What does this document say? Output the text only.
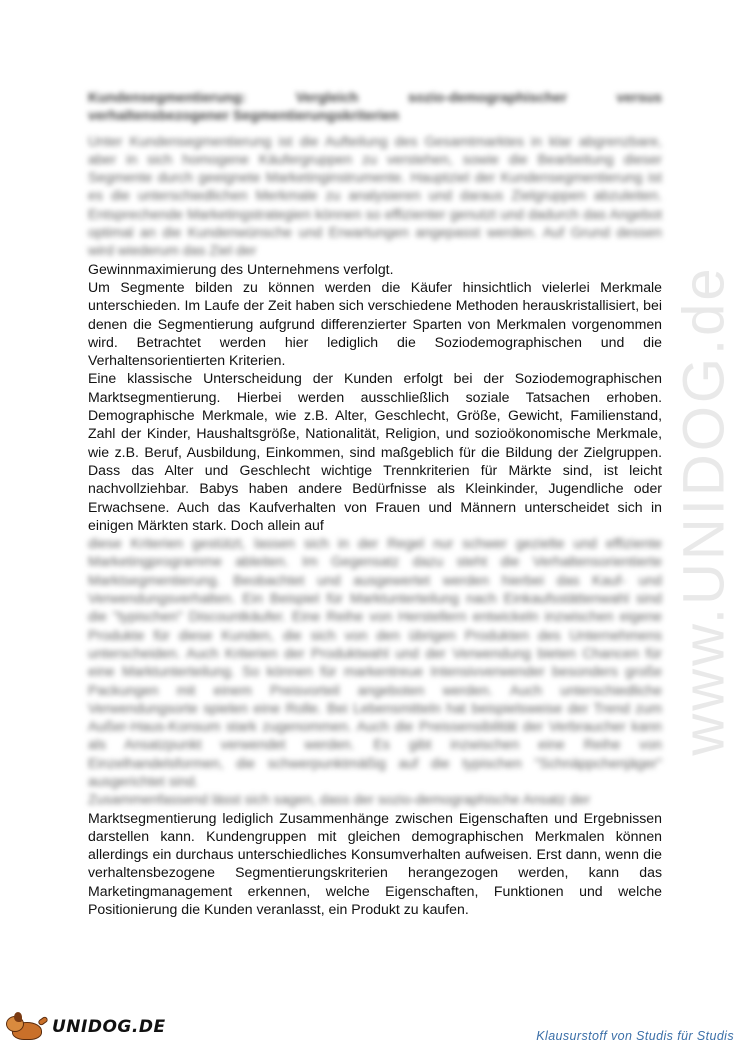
www.UNIDOG.de

Kundensegmentierung: Vergleich sozio-demographischer versus verhaltensbezogener Segmentierungskriterien

Unter Kundensegmentierung ist die Aufteilung des Gesamtmarktes in klar abgrenzbare, aber in sich homogene Käufergruppen zu verstehen, sowie die Bearbeitung dieser Segmente durch geeignete Marketinginstrumente. Hauptziel der Kundensegmentierung ist es die unterschiedlichen Merkmale zu analysieren und daraus Zielgruppen abzuleiten. Entsprechende Marketingstrategien können so effizienter genutzt und dadurch das Angebot optimal an die Kundenwünsche und Erwartungen angepasst werden. Auf Grund dessen wird wiederum das Ziel der

Gewinnmaximierung des Unternehmens verfolgt.

Um Segmente bilden zu können werden die Käufer hinsichtlich vielerlei Merkmale unterschieden. Im Laufe der Zeit haben sich verschiedene Methoden herauskristallisiert, bei denen die Segmentierung aufgrund differenzierter Sparten von Merkmalen vorgenommen wird. Betrachtet werden hier lediglich die Soziodemographischen und die Verhaltensorientierten Kriterien.

Eine klassische Unterscheidung der Kunden erfolgt bei der Soziodemographischen Marktsegmentierung. Hierbei werden ausschließlich soziale Tatsachen erhoben. Demographische Merkmale, wie z.B. Alter, Geschlecht, Größe, Gewicht, Familienstand, Zahl der Kinder, Haushaltsgröße, Nationalität, Religion, und sozioökonomische Merkmale, wie z.B. Beruf, Ausbildung, Einkommen, sind maßgeblich für die Bildung der Zielgruppen. Dass das Alter und Geschlecht wichtige Trennkriterien für Märkte sind, ist leicht nachvollziehbar. Babys haben andere Bedürfnisse als Kleinkinder, Jugendliche oder Erwachsene. Auch das Kaufverhalten von Frauen und Männern unterscheidet sich in einigen Märkten stark. Doch allein auf

diese Kriterien gestützt, lassen sich in der Regel nur schwer gezielte und effiziente Marketingprogramme ableiten. Im Gegensatz dazu steht die Verhaltensorientierte Marktsegmentierung. Beobachtet und ausgewertet werden hierbei das Kauf- und Verwendungsverhalten. Ein Beispiel für Marktunterteilung nach Einkaufsstättenwahl sind die "typischen" Discountkäufer. Eine Reihe von Herstellern entwickeln inzwischen eigene Produkte für diese Kunden, die sich von den übrigen Produkten des Unternehmens unterscheiden. Auch Kriterien der Produktwahl und der Verwendung bieten Chancen für eine Marktunterteilung. So können für markentreue Intensivverwender besonders große Packungen mit einem Preisvorteil angeboten werden. Auch unterschiedliche Verwendungsorte spielen eine Rolle. Bei Lebensmitteln hat beispielsweise der Trend zum Außer-Haus-Konsum stark zugenommen. Auch die Preissensibilität der Verbraucher kann als Ansatzpunkt verwendet werden. Es gibt inzwischen eine Reihe von Einzelhandelsformen, die schwerpunktmäßig auf die typischen "Schnäppchenjäger" ausgerichtet sind.

Zusammenfassend lässt sich sagen, dass der sozio-demographische Ansatz der

Marktsegmentierung lediglich Zusammenhänge zwischen Eigenschaften und Ergebnissen darstellen kann. Kundengruppen mit gleichen demographischen Merkmalen können allerdings ein durchaus unterschiedliches Konsumverhalten aufweisen. Erst dann, wenn die verhaltensbezogene Segmentierungskriterien herangezogen werden, kann das Marketingmanagement erkennen, welche Eigenschaften, Funktionen und welche Positionierung die Kunden veranlasst, ein Produkt zu kaufen.

UNIDOG.DE	Klausurstoff von Studis für Studis
